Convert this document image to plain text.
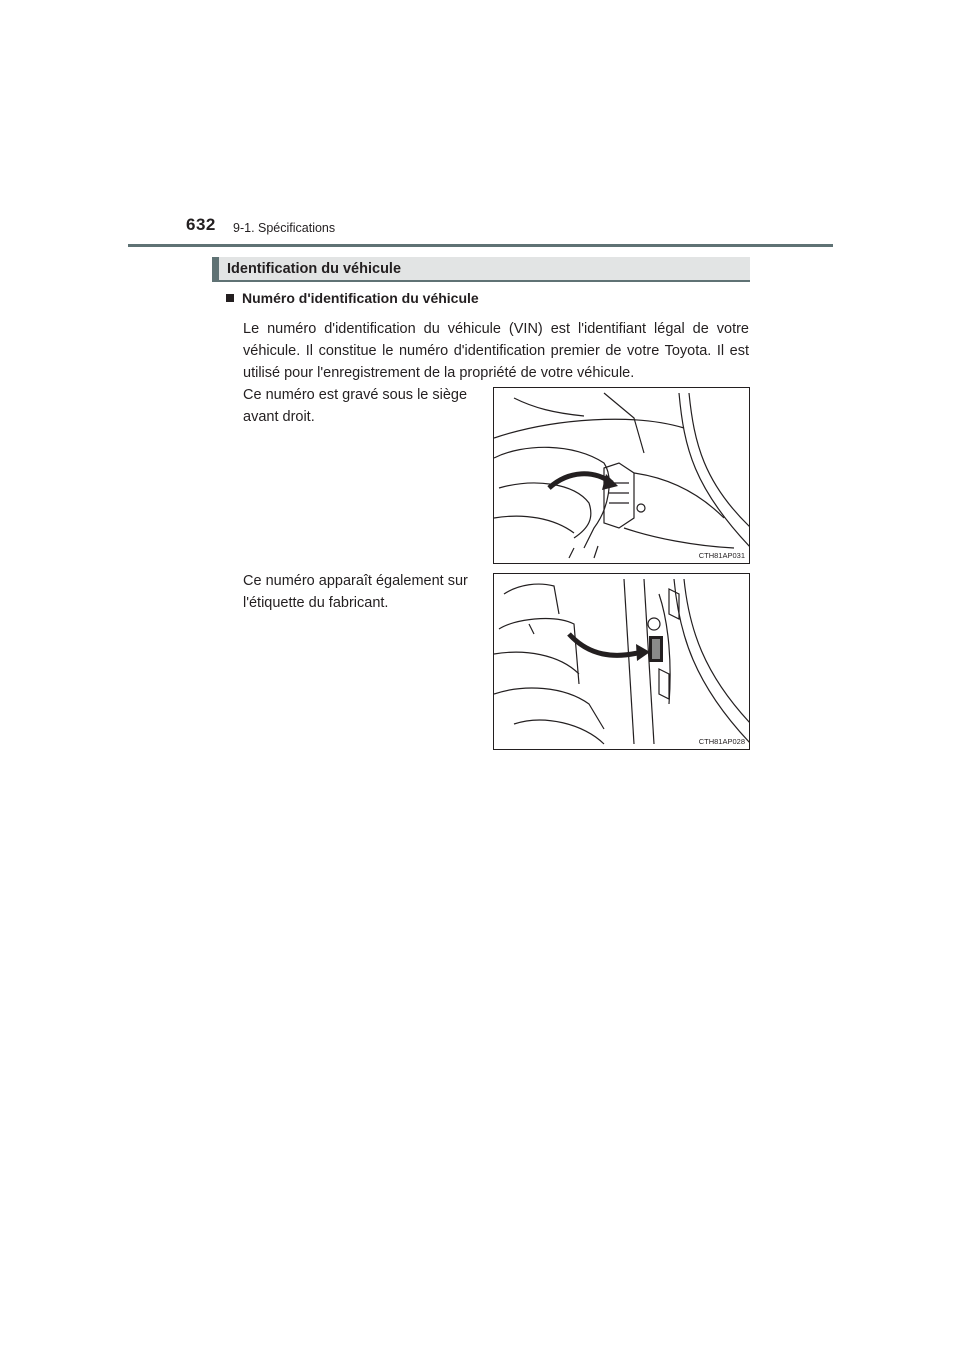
632 9-1. Spécifications
Identification du véhicule
Numéro d'identification du véhicule
Le numéro d'identification du véhicule (VIN) est l'identifiant légal de votre véhicule. Il constitue le numéro d'identification premier de votre Toyota. Il est utilisé pour l'enregistrement de la propriété de votre véhicule.
Ce numéro est gravé sous le siège avant droit.
Ce numéro apparaît également sur l'étiquette du fabricant.
CTH81AP031
CTH81AP028
